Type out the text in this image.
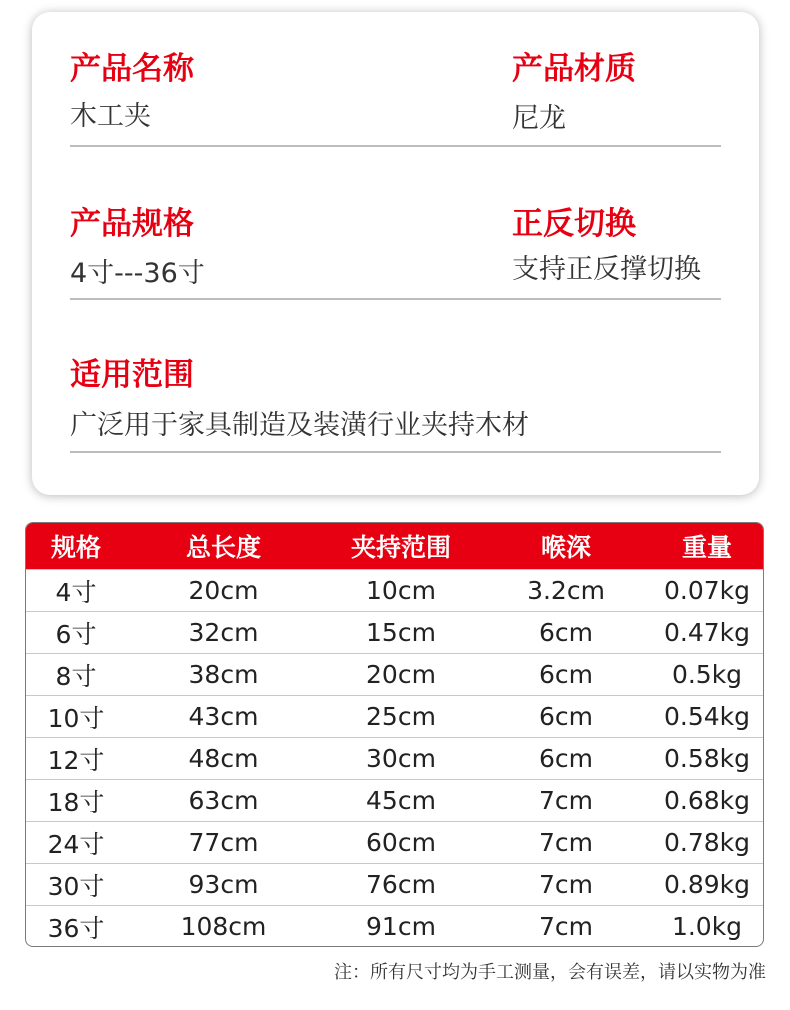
产品名称
木工夹
产品材质
尼龙
产品规格
4寸---36寸
正反切换
支持正反撑切换
适用范围
广泛用于家具制造及装潢行业夹持木材
规格	总长度	夹持范围	喉深	重量
4寸	20cm	10cm	3.2cm	0.07kg
6寸	32cm	15cm	6cm	0.47kg
8寸	38cm	20cm	6cm	0.5kg
10寸	43cm	25cm	6cm	0.54kg
12寸	48cm	30cm	6cm	0.58kg
18寸	63cm	45cm	7cm	0.68kg
24寸	77cm	60cm	7cm	0.78kg
30寸	93cm	76cm	7cm	0.89kg
36寸	108cm	91cm	7cm	1.0kg
注：所有尺寸均为手工测量，会有误差，请以实物为准
